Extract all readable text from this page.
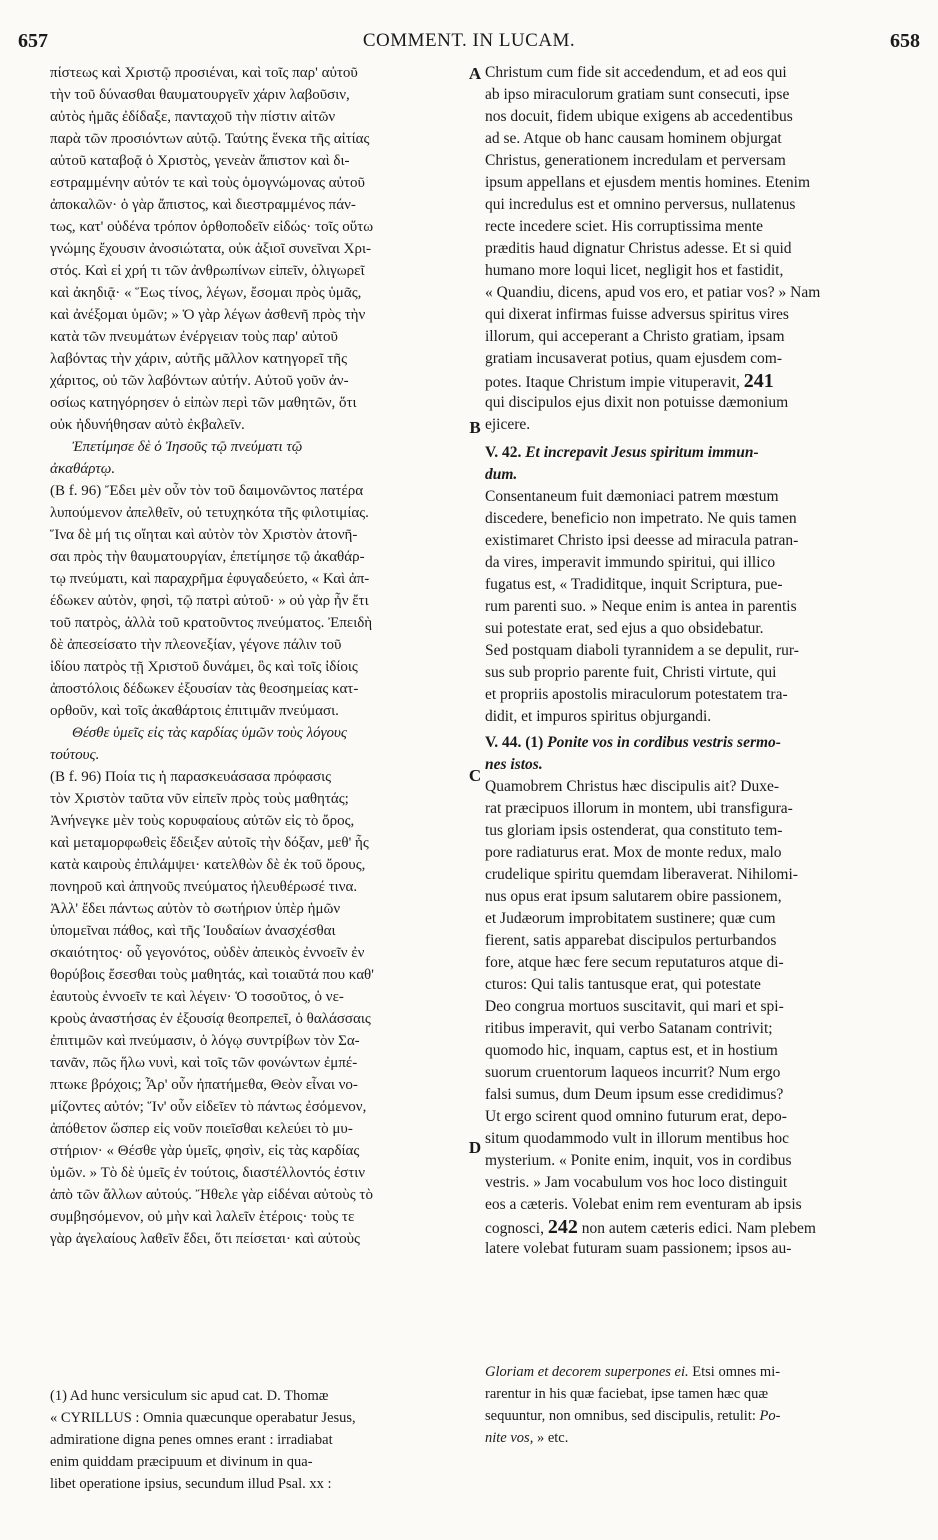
657	COMMENT. IN LUCAM.	658
A
B
C
D
πίστεως καὶ Χριστῷ προσιέναι, καὶ τοῖς παρ' αὐτοῦ
τὴν τοῦ δύνασθαι θαυματουργεῖν χάριν λαβοῦσιν,
αὐτὸς ἡμᾶς ἐδίδαξε, πανταχοῦ τὴν πίστιν αἰτῶν
παρὰ τῶν προσιόντων αὐτῷ. Ταύτης ἕνεκα τῆς αἰτίας
αὐτοῦ καταβοᾷ ὁ Χριστὸς, γενεὰν ἄπιστον καὶ δι-
εστραμμένην αὐτόν τε καὶ τοὺς ὁμογνώμονας αὐτοῦ
ἀποκαλῶν· ὁ γὰρ ἄπιστος, καὶ διεστραμμένος πάν-
τως, κατ' οὐδένα τρόπον ὀρθοποδεῖν εἰδώς· τοῖς οὕτω
γνώμης ἔχουσιν ἀνοσιώτατα, οὐκ ἀξιοῖ συνεῖναι Χρι-
στός. Καὶ εἰ χρή τι τῶν ἀνθρωπίνων εἰπεῖν, ὀλιγωρεῖ
καὶ ἀκηδιᾷ· « Ἕως τίνος, λέγων, ἔσομαι πρὸς ὑμᾶς,
καὶ ἀνέξομαι ὑμῶν; » Ὁ γὰρ λέγων ἀσθενῆ πρὸς τὴν
κατὰ τῶν πνευμάτων ἐνέργειαν τοὺς παρ' αὐτοῦ
λαβόντας τὴν χάριν, αὐτῆς μᾶλλον κατηγορεῖ τῆς
χάριτος, οὐ τῶν λαβόντων αὐτήν. Αὐτοῦ γοῦν ἀν-
οσίως κατηγόρησεν ὁ εἰπὼν περὶ τῶν μαθητῶν, ὅτι
οὐκ ἠδυνήθησαν αὐτὸ ἐκβαλεῖν.
Ἐπετίμησε δὲ ὁ Ἰησοῦς τῷ πνεύματι τῷ
ἀκαθάρτῳ.
(Β f. 96) Ἔδει μὲν οὖν τὸν τοῦ δαιμονῶντος πατέρα
λυπούμενον ἀπελθεῖν, οὐ τετυχηκότα τῆς φιλοτιμίας.
Ἵνα δὲ μή τις οἴηται καὶ αὐτὸν τὸν Χριστὸν ἀτονῆ-
σαι πρὸς τὴν θαυματουργίαν, ἐπετίμησε τῷ ἀκαθάρ-
τῳ πνεύματι, καὶ παραχρῆμα ἐφυγαδεύετο, « Καὶ ἀπ-
έδωκεν αὐτὸν, φησὶ, τῷ πατρὶ αὐτοῦ· » οὐ γὰρ ἦν ἔτι
τοῦ πατρὸς, ἀλλὰ τοῦ κρατοῦντος πνεύματος. Ἐπειδὴ
δὲ ἀπεσείσατο τὴν πλεονεξίαν, γέγονε πάλιν τοῦ
ἰδίου πατρὸς τῇ Χριστοῦ δυνάμει, ὃς καὶ τοῖς ἰδίοις
ἀποστόλοις δέδωκεν ἐξουσίαν τὰς θεοσημείας κατ-
ορθοῦν, καὶ τοῖς ἀκαθάρτοις ἐπιτιμᾶν πνεύμασι.
Θέσθε ὑμεῖς εἰς τὰς καρδίας ὑμῶν τοὺς λόγους
τούτους.
(Β f. 96) Ποία τις ἡ παρασκευάσασα πρόφασις
τὸν Χριστὸν ταῦτα νῦν εἰπεῖν πρὸς τοὺς μαθητάς;
Ἀνήνεγκε μὲν τοὺς κορυφαίους αὐτῶν εἰς τὸ ὄρος,
καὶ μεταμορφωθεὶς ἔδειξεν αὐτοῖς τὴν δόξαν, μεθ' ἧς
κατὰ καιροὺς ἐπιλάμψει· κατελθὼν δὲ ἐκ τοῦ ὄρους,
πονηροῦ καὶ ἀπηνοῦς πνεύματος ἠλευθέρωσέ τινα.
Ἀλλ' ἔδει πάντως αὐτὸν τὸ σωτήριον ὑπὲρ ἡμῶν
ὑπομεῖναι πάθος, καὶ τῆς Ἰουδαίων ἀνασχέσθαι
σκαιότητος· οὗ γεγονότος, οὐδὲν ἀπεικὸς ἐννοεῖν ἐν
θορύβοις ἔσεσθαι τοὺς μαθητάς, καὶ τοιαῦτά που καθ'
ἑαυτοὺς ἐννοεῖν τε καὶ λέγειν· Ὁ τοσοῦτος, ὁ νε-
κροὺς ἀναστήσας ἐν ἐξουσίᾳ θεοπρεπεῖ, ὁ θαλάσσαις
ἐπιτιμῶν καὶ πνεύμασιν, ὁ λόγῳ συντρίβων τὸν Σα-
τανᾶν, πῶς ἥλω νυνὶ, καὶ τοῖς τῶν φονώντων ἐμπέ-
πτωκε βρόχοις; Ἆρ' οὖν ἠπατήμεθα, Θεὸν εἶναι νο-
μίζοντες αὐτόν; Ἵν' οὖν εἰδεῖεν τὸ πάντως ἐσόμενον,
ἀπόθετον ὥσπερ εἰς νοῦν ποιεῖσθαι κελεύει τὸ μυ-
στήριον· « Θέσθε γὰρ ὑμεῖς, φησὶν, εἰς τὰς καρδίας
ὑμῶν. » Τὸ δὲ ὑμεῖς ἐν τούτοις, διαστέλλοντός ἐστιν
ἀπὸ τῶν ἄλλων αὐτούς. Ἤθελε γὰρ εἰδέναι αὐτοὺς τὸ
συμβησόμενον, οὐ μὴν καὶ λαλεῖν ἑτέροις· τοὺς τε
γὰρ ἀγελαίους λαθεῖν ἔδει, ὅτι πείσεται· καὶ αὐτοὺς
Christum cum fide sit accedendum, et ad eos qui
ab ipso miraculorum gratiam sunt consecuti, ipse
nos docuit, fidem ubique exigens ab accedentibus
ad se. Atque ob hanc causam hominem objurgat
Christus, generationem incredulam et perversam
ipsum appellans et ejusdem mentis homines. Etenim
qui incredulus est et omnino perversus, nullatenus
recte incedere sciet. His corruptissima mente
præditis haud dignatur Christus adesse. Et si quid
humano more loqui licet, negligit hos et fastidit,
« Quandiu, dicens, apud vos ero, et patiar vos? » Nam
qui dixerat infirmas fuisse adversus spiritus vires
illorum, qui acceperant a Christo gratiam, ipsam
gratiam incusaverat potius, quam ejusdem com-
potes. Itaque Christum impie vituperavit, 241
qui discipulos ejus dixit non potuisse dæmonium
ejicere.
V. 42. Et increpavit Jesus spiritum immun-
dum.
Consentaneum fuit dæmoniaci patrem mœstum
discedere, beneficio non impetrato. Ne quis tamen
existimaret Christo ipsi deesse ad miracula patran-
da vires, imperavit immundo spiritui, qui illico
fugatus est, « Tradiditque, inquit Scriptura, pue-
rum parenti suo. » Neque enim is antea in parentis
sui potestate erat, sed ejus a quo obsidebatur.
Sed postquam diaboli tyrannidem a se depulit, rur-
sus sub proprio parente fuit, Christi virtute, qui
et propriis apostolis miraculorum potestatem tra-
didit, et impuros spiritus objurgandi.
V. 44. (1) Ponite vos in cordibus vestris sermo-
nes istos.
Quamobrem Christus hæc discipulis ait? Duxe-
rat præcipuos illorum in montem, ubi transfigura-
tus gloriam ipsis ostenderat, qua constituto tem-
pore radiaturus erat. Mox de monte redux, malo
crudelique spiritu quemdam liberaverat. Nihilomi-
nus opus erat ipsum salutarem obire passionem,
et Judæorum improbitatem sustinere; quæ cum
fierent, satis apparebat discipulos perturbandos
fore, atque hæc fere secum reputaturos atque di-
cturos: Qui talis tantusque erat, qui potestate
Deo congrua mortuos suscitavit, qui mari et spi-
ritibus imperavit, qui verbo Satanam contrivit;
quomodo hic, inquam, captus est, et in hostium
suorum cruentorum laqueos incurrit? Num ergo
falsi sumus, dum Deum ipsum esse credidimus?
Ut ergo scirent quod omnino futurum erat, depo-
situm quodammodo vult in illorum mentibus hoc
mysterium. « Ponite enim, inquit, vos in cordibus
vestris. » Jam vocabulum vos hoc loco distinguit
eos a cæteris. Volebat enim rem eventuram ab ipsis
cognosci, 242 non autem cæteris edici. Nam plebem
latere volebat futuram suam passionem; ipsos au-
(1) Ad hunc versiculum sic apud cat. D. Thomæ
« CYRILLUS : Omnia quæcunque operabatur Jesus,
admiratione digna penes omnes erant : irradiabat
enim quiddam præcipuum et divinum in qua-
libet operatione ipsius, secundum illud Psal. xx :
Gloriam et decorem superpones ei. Etsi omnes mi-
rarentur in his quæ faciebat, ipse tamen hæc quæ
sequuntur, non omnibus, sed discipulis, retulit: Po-
nite vos, » etc.
